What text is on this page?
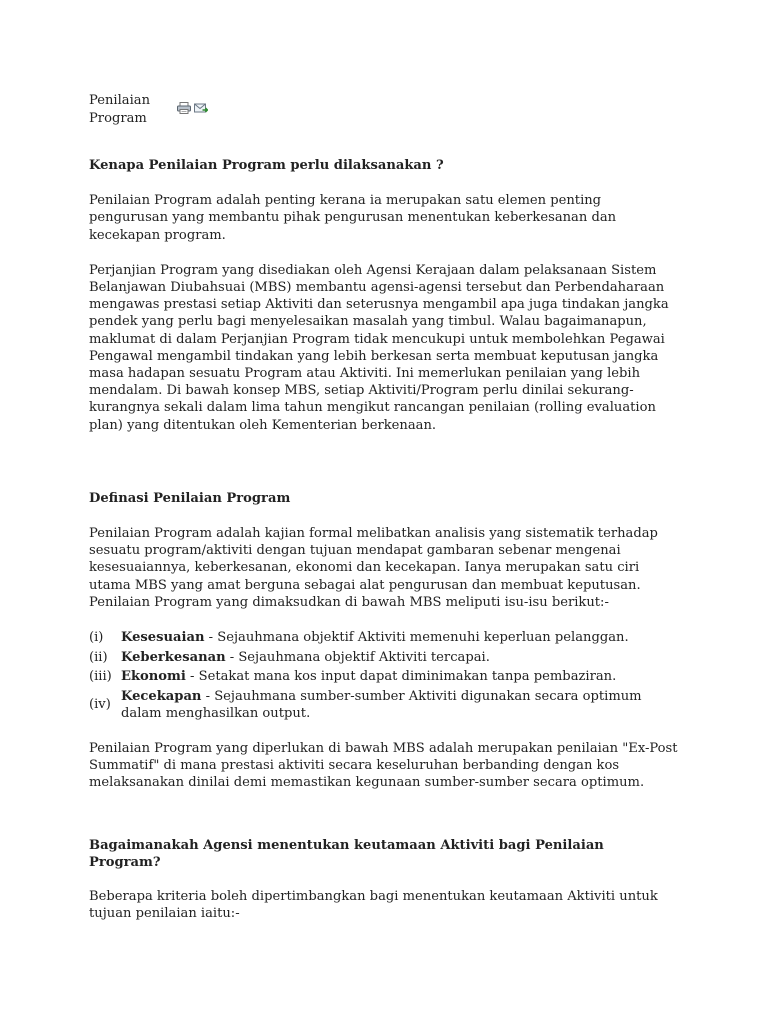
Penilaian Program
Kenapa Penilaian Program perlu dilaksanakan ?

Penilaian Program adalah penting kerana ia merupakan satu elemen penting pengurusan yang membantu pihak pengurusan menentukan keberkesanan dan kecekapan program.

Perjanjian Program yang disediakan oleh Agensi Kerajaan dalam pelaksanaan Sistem Belanjawan Diubahsuai (MBS) membantu agensi-agensi tersebut dan Perbendaharaan mengawas prestasi setiap Aktiviti dan seterusnya mengambil apa juga tindakan jangka pendek yang perlu bagi menyelesaikan masalah yang timbul. Walau bagaimanapun, maklumat di dalam Perjanjian Program tidak mencukupi untuk membolehkan Pegawai Pengawal mengambil tindakan yang lebih berkesan serta membuat keputusan jangka masa hadapan sesuatu Program atau Aktiviti. Ini memerlukan penilaian yang lebih mendalam. Di bawah konsep MBS, setiap Aktiviti/Program perlu dinilai sekurang-kurangnya sekali dalam lima tahun mengikut rancangan penilaian (rolling evaluation plan) yang ditentukan oleh Kementerian berkenaan.

Definasi Penilaian Program

Penilaian Program adalah kajian formal melibatkan analisis yang sistematik terhadap sesuatu program/aktiviti dengan tujuan mendapat gambaran sebenar mengenai kesesuaiannya, keberkesanan, ekonomi dan kecekapan. Ianya merupakan satu ciri utama MBS yang amat berguna sebagai alat pengurusan dan membuat keputusan. Penilaian Program yang dimaksudkan di bawah MBS meliputi isu-isu berikut:-

(i)	Kesesuaian - Sejauhmana objektif Aktiviti memenuhi keperluan pelanggan.
(ii)	Keberkesanan - Sejauhmana objektif Aktiviti tercapai.
(iii) Ekonomi - Setakat mana kos input dapat diminimakan tanpa pembaziran.
(iv)
Kecekapan - Sejauhmana sumber-sumber Aktiviti digunakan secara optimum dalam menghasilkan output.

Penilaian Program yang diperlukan di bawah MBS adalah merupakan penilaian "Ex-Post Summatif" di mana prestasi aktiviti secara keseluruhan berbanding dengan kos melaksanakan dinilai demi memastikan kegunaan sumber-sumber secara optimum.

Bagaimanakah Agensi menentukan keutamaan Aktiviti bagi Penilaian Program?

Beberapa kriteria boleh dipertimbangkan bagi menentukan keutamaan Aktiviti untuk tujuan penilaian iaitu:-
